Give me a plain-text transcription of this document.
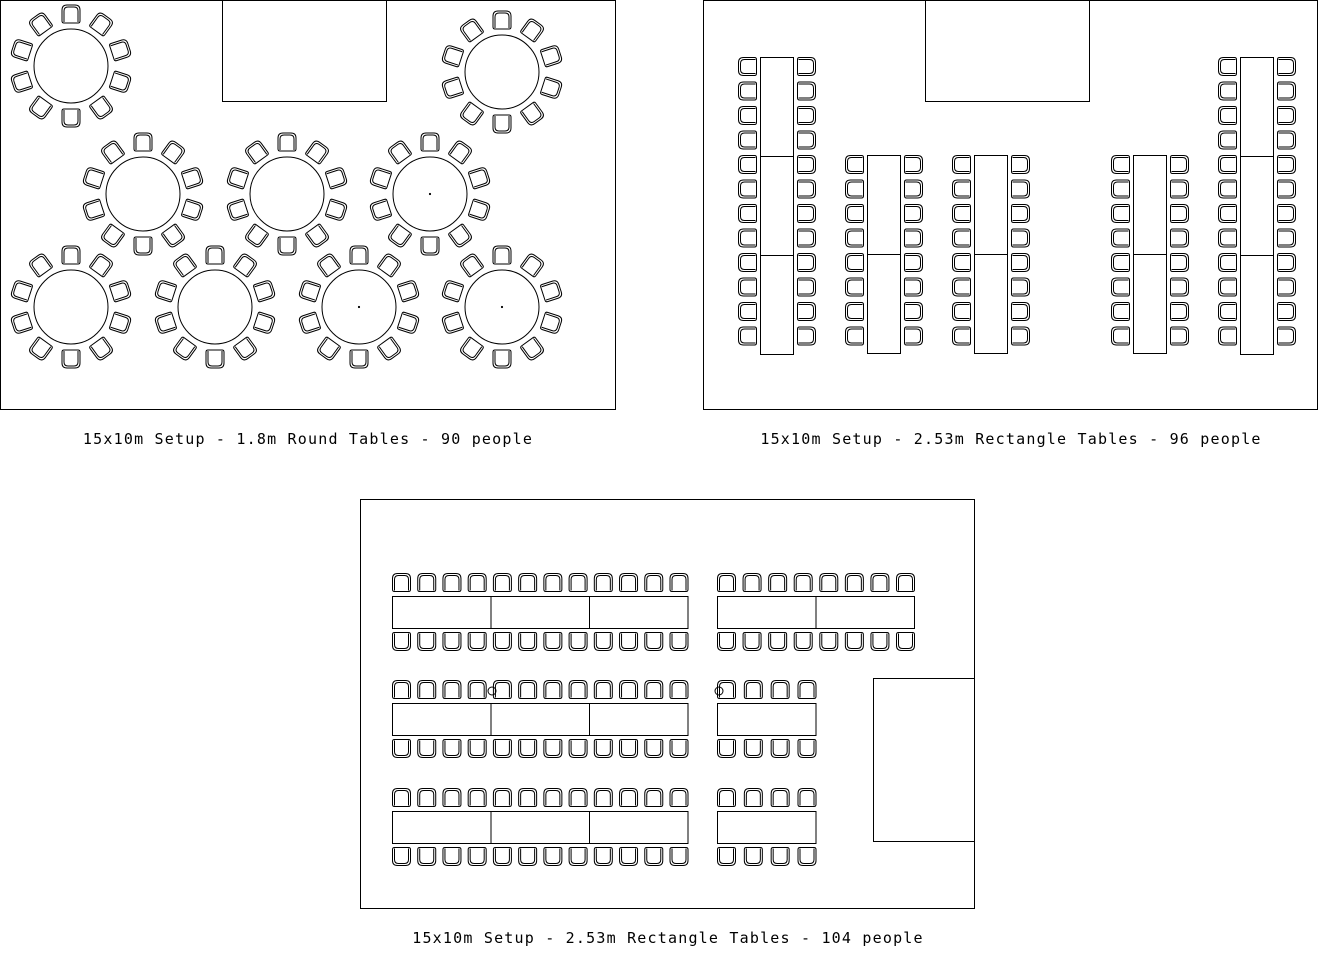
15x10m Setup - 1.8m Round Tables - 90 people	15x10m Setup - 2.53m Rectangle Tables - 96 people
15x10m Setup - 2.53m Rectangle Tables - 104 people
